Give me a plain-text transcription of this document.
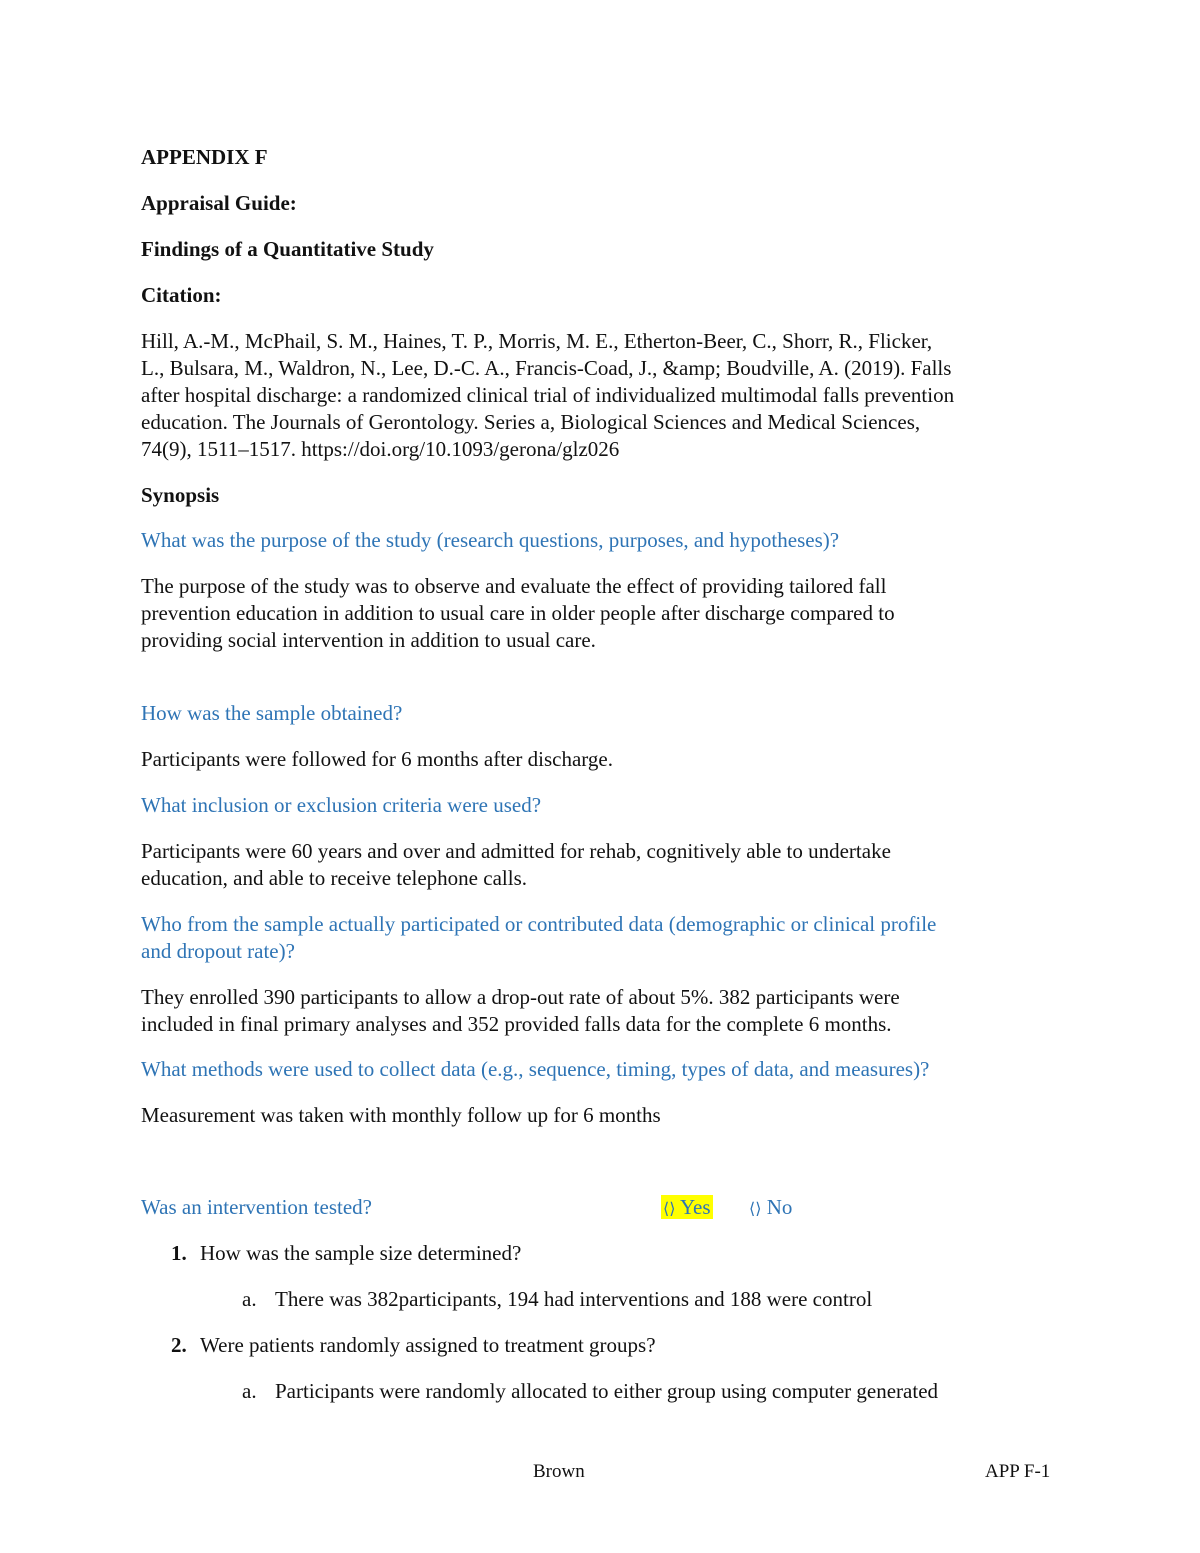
APPENDIX F
Appraisal Guide:
Findings of a Quantitative Study
Citation:
Hill, A.-M., McPhail, S. M., Haines, T. P., Morris, M. E., Etherton-Beer, C., Shorr, R., Flicker,
L., Bulsara, M., Waldron, N., Lee, D.-C. A., Francis-Coad, J., &amp; Boudville, A. (2019). Falls
after hospital discharge: a randomized clinical trial of individualized multimodal falls prevention
education. The Journals of Gerontology. Series a, Biological Sciences and Medical Sciences,
74(9), 1511–1517. https://doi.org/10.1093/gerona/glz026
Synopsis
What was the purpose of the study (research questions, purposes, and hypotheses)?
The purpose of the study was to observe and evaluate the effect of providing tailored fall
prevention education in addition to usual care in older people after discharge compared to
providing social intervention in addition to usual care.
How was the sample obtained?
Participants were followed for 6 months after discharge.
What inclusion or exclusion criteria were used?
Participants were 60 years and over and admitted for rehab, cognitively able to undertake
education, and able to receive telephone calls.
Who from the sample actually participated or contributed data (demographic or clinical profile
and dropout rate)?
They enrolled 390 participants to allow a drop-out rate of about 5%. 382 participants were
included in final primary analyses and 352 provided falls data for the complete 6 months.
What methods were used to collect data (e.g., sequence, timing, types of data, and measures)?
Measurement was taken with monthly follow up for 6 months
Was an intervention tested?	⟨⟩ Yes ⟨⟩ No
1. How was the sample size determined?
a. There was 382participants, 194 had interventions and 188 were control
2. Were patients randomly assigned to treatment groups?
a. Participants were randomly allocated to either group using computer generated
Brown	APP F-1
